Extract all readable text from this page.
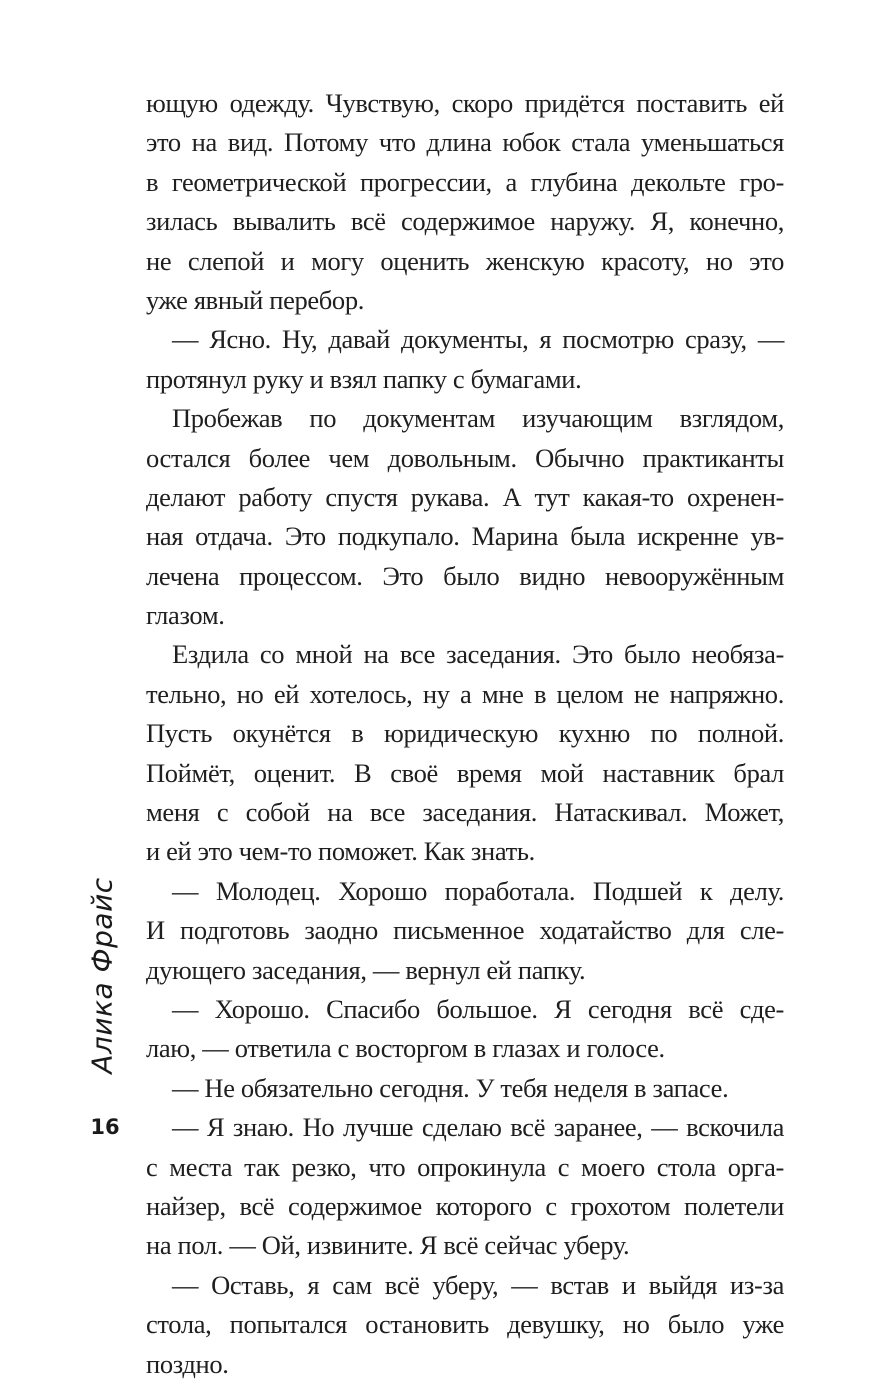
ющую одежду. Чувствую, скоро придётся поставить ей
это на вид. Потому что длина юбок стала уменьшаться
в геометрической прогрессии, а глубина декольте гро-
зилась вывалить всё содержимое наружу. Я, конечно,
не слепой и могу оценить женскую красоту, но это
уже явный перебор.
— Ясно. Ну, давай документы, я посмотрю сразу, —
протянул руку и взял папку с бумагами.
Пробежав по документам изучающим взглядом,
остался более чем довольным. Обычно практиканты
делают работу спустя рукава. А тут какая-то охренен-
ная отдача. Это подкупало. Марина была искренне ув-
лечена процессом. Это было видно невооружённым
глазом.
Ездила со мной на все заседания. Это было необяза-
тельно, но ей хотелось, ну а мне в целом не напряжно.
Пусть окунётся в юридическую кухню по полной.
Поймёт, оценит. В своё время мой наставник брал
меня с собой на все заседания. Натаскивал. Может,
и ей это чем-то поможет. Как знать.
— Молодец. Хорошо поработала. Подшей к делу.
И подготовь заодно письменное ходатайство для сле-
дующего заседания, — вернул ей папку.
— Хорошо. Спасибо большое. Я сегодня всё сде-
лаю, — ответила с восторгом в глазах и голосе.
— Не обязательно сегодня. У тебя неделя в запасе.
— Я знаю. Но лучше сделаю всё заранее, — вскочила
с места так резко, что опрокинула с моего стола орга-
найзер, всё содержимое которого с грохотом полетели
на пол. — Ой, извините. Я всё сейчас уберу.
— Оставь, я сам всё уберу, — встав и выйдя из-за
стола, попытался остановить девушку, но было уже
поздно.
Алика Фрайс
16
